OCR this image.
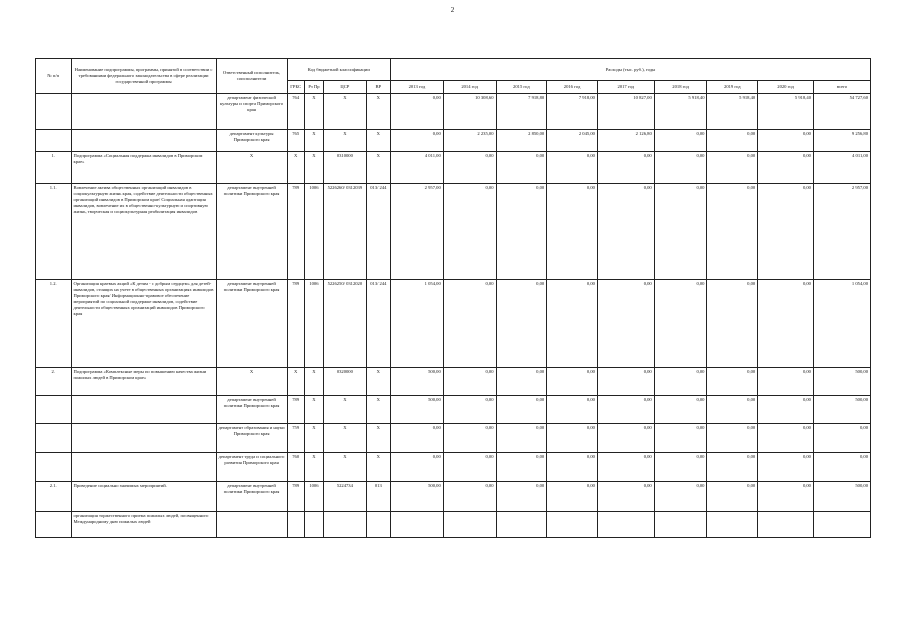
2
№ п/п	Наименование подпрограммы, программы, принятой в соответствии с требованиями федерального законодательства в сфере реализации государственной программы	Ответственный исполнитель, соисполнители	Код бюджетной классификации				Расходы (тыс. руб.), годы								
			ГРБС	Рз Пр	ЦСР	ВР	2013 год	2014 год	2015 год	2016 год	2017 год	2018 год	2019 год	2020 год	всего
		департамент физической культуры и спорта Приморского края	764	X	X	X	0,00	10 308,60	7 918,80	7 918,00	10 827,00	5 918,40	5 918,40	5 918,40	54 727,60
		департамент культуры Приморского края	765	X	X	X	0,00	2 235,00	2 850,00	2 045,00	2 126,80	0,00	0,00	0,00	9 256,80
1.	Подпрограмма «Социальная поддержка инвалидов в Приморском крае»	X	X	X	0310000	X	4 011,00	0,00	0,00	0,00	0,00	0,00	0,00	0,00	4 011,00
1.1.	Вовлечение актива общественных организаций инвалидов в социокультурную жизнь края, содействие деятельности общественных организаций инвалидов в Приморском крае/ Социальная адаптация инвалидов, вовлечение их в общественно-культурную и спортивную жизнь, творческая и социокультурная реабилитация инвалидов	департамент внутренней политики Приморского края	789	1006	5226260/ 0312039	013/ 244	2 957,00	0,00	0,00	0,00	0,00	0,00	0,00	0,00	2 957,00
1.2.	Организация краевых акций «К детям - с добрым сердцем» для детей-инвалидов, стоящих на учете в общественных организациях инвалидов Приморского края/ Информационно-правовое обеспечение мероприятий по социальной поддержке инвалидов, содействие деятельности общественных организаций инвалидов Приморского края	департамент внутренней политики Приморского края	789	1006	5226250/ 0312020	013/ 244	1 054,00	0,00	0,00	0,00	0,00	0,00	0,00	0,00	1 054,00
2.	Подпрограмма «Комплексные меры по повышению качества жизни пожилых людей в Приморском крае»	X	X	X	0320000	X	500,00	0,00	0,00	0,00	0,00	0,00	0,00	0,00	500,00
		департамент внутренней политики Приморского края	789	X	X	X	500,00	0,00	0,00	0,00	0,00	0,00	0,00	0,00	500,00
		департамент образования и науки Приморского края	759	X	X	X	0,00	0,00	0,00	0,00	0,00	0,00	0,00	0,00	0,00
		департамент труда и социального развития Приморского края	760	X	X	X	0,00	0,00	0,00	0,00	0,00	0,00	0,00	0,00	0,00
2.1.	Проведение социально значимых мероприятий.	департамент внутренней политики Приморского края	789	1006	5224734	013	500,00	0,00	0,00	0,00	0,00	0,00	0,00	0,00	500,00
	организация торжественного приема пожилых людей, посвященного Международному дню пожилых людей														
